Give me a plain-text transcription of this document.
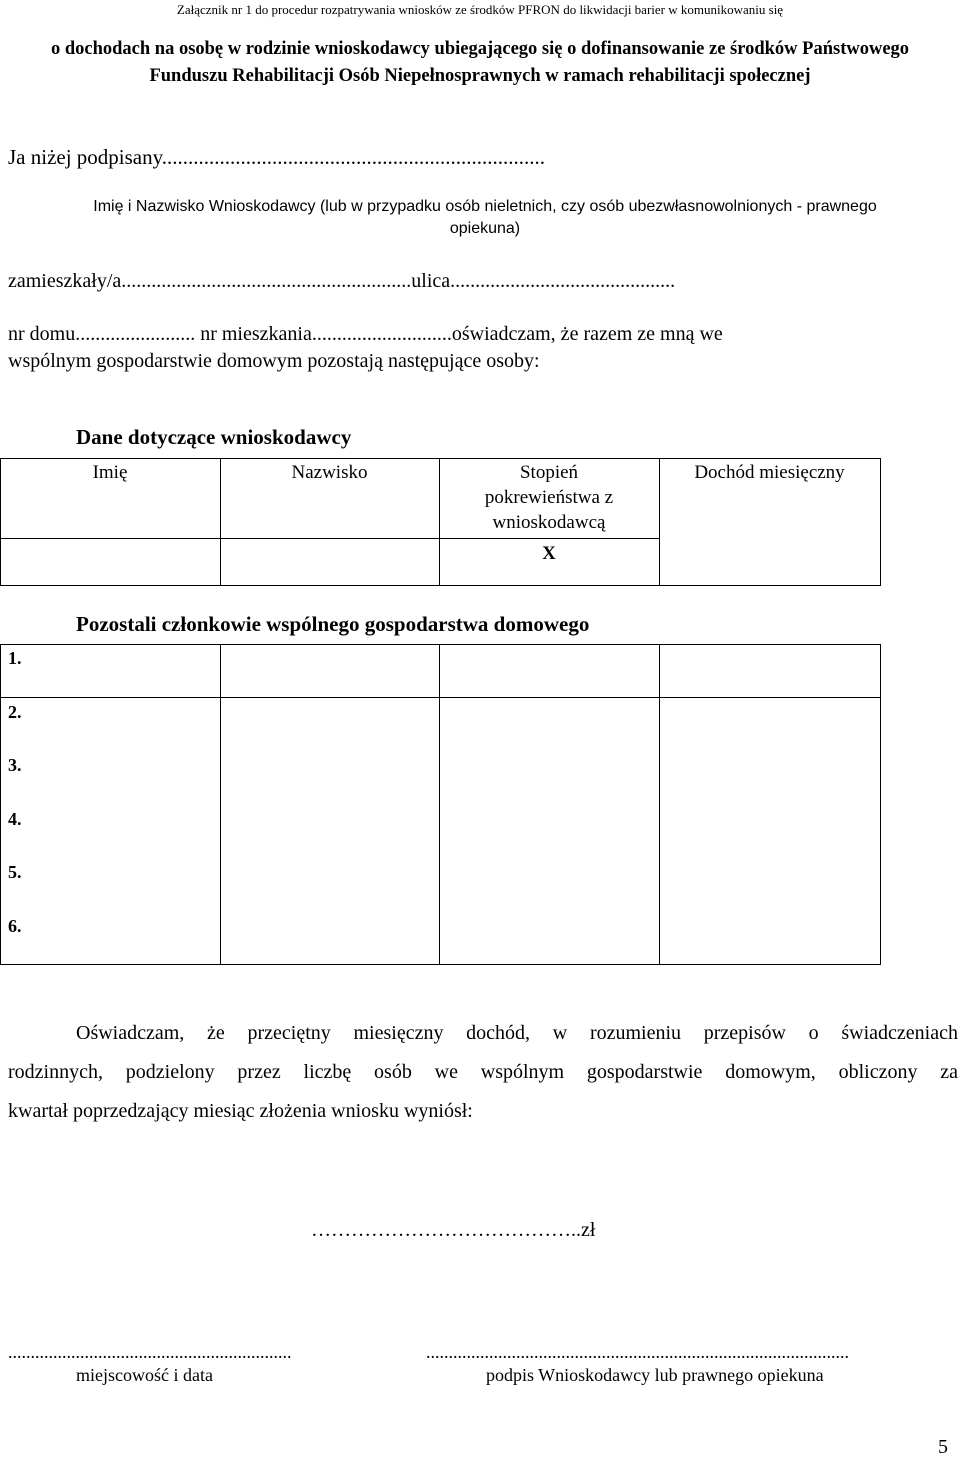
Załącznik nr 1 do procedur rozpatrywania wniosków ze środków PFRON do likwidacji barier w komunikowaniu się
o dochodach na osobę w rodzinie wnioskodawcy ubiegającego się o dofinansowanie ze środków Państwowego Funduszu Rehabilitacji Osób Niepełnosprawnych w ramach rehabilitacji społecznej
Ja niżej podpisany.........................................................................
Imię i Nazwisko Wnioskodawcy (lub w przypadku osób nieletnich, czy osób ubezwłasnowolnionych - prawnego opiekuna)
zamieszkały/a..........................................................ulica.............................................
nr domu........................ nr mieszkania............................oświadczam, że razem ze mną we
wspólnym gospodarstwie domowym pozostają następujące osoby:
Dane dotyczące wnioskodawcy
Imię	Nazwisko	Stopień pokrewieństwa z wnioskodawcą
Dochód miesięczny
X
Pozostali członkowie wspólnego gospodarstwa domowego
1.
2.
3.
4.
5.
6.
Oświadczam, że przeciętny miesięczny dochód, w rozumieniu przepisów o świadczeniach
rodzinnych, podzielony przez liczbę osób we wspólnym gospodarstwie domowym, obliczony za
kwartał poprzedzający miesiąc złożenia wniosku wyniósł:
…………………………………..zł
...............................................................
miejscowość i data
..............................................................................................
podpis Wnioskodawcy lub prawnego opiekuna
5
